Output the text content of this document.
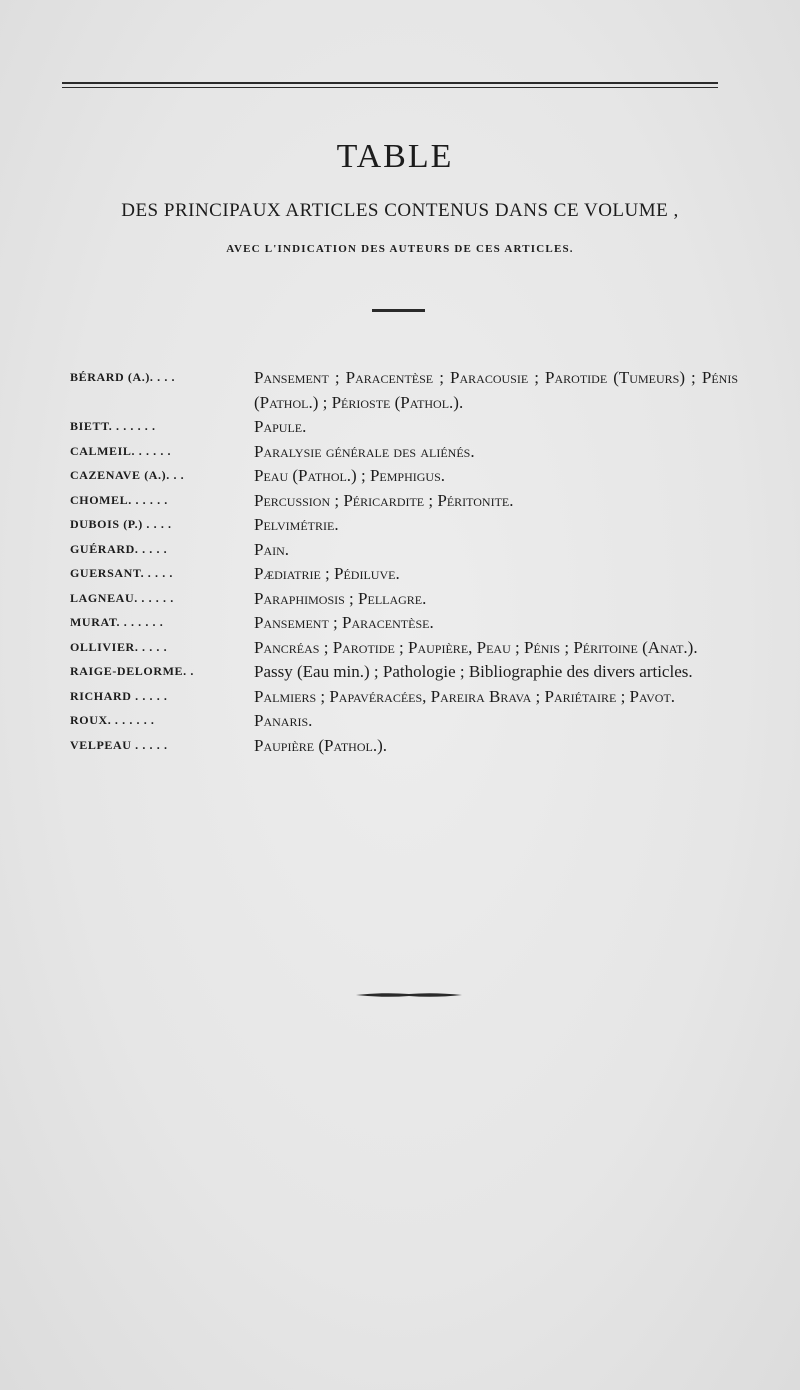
TABLE
DES PRINCIPAUX ARTICLES CONTENUS DANS CE VOLUME ,
AVEC L'INDICATION DES AUTEURS DE CES ARTICLES.
BÉRARD (A.). . . .	Pansement ; Paracentèse ; Paracousie ; Parotide (Tumeurs) ; Pénis (Pathol.) ; Périoste (Pathol.).
BIETT. . . . . . .	Papule.
CALMEIL. . . . . .	Paralysie générale des aliénés.
CAZENAVE (A.). . .	Peau (Pathol.) ; Pemphigus.
CHOMEL. . . . . .	Percussion ; Péricardite ; Péritonite.
DUBOIS (P.) . . . .	Pelvimétrie.
GUÉRARD. . . . .	Pain.
GUERSANT. . . . .	Pædiatrie ; Pédiluve.
LAGNEAU. . . . . .	Paraphimosis ; Pellagre.
MURAT. . . . . . .	Pansement ; Paracentèse.
OLLIVIER. . . . .	Pancréas ; Parotide ; Paupière, Peau ; Pénis ; Péritoine (Anat.).
RAIGE-DELORME. .	Passy (Eau min.) ; Pathologie ; Bibliographie des divers articles.
RICHARD . . . . .	Palmiers ; Papavéracées, Pareira Brava ; Pariétaire ; Pavot.
ROUX. . . . . . .	Panaris.
VELPEAU . . . . .	Paupière (Pathol.).
